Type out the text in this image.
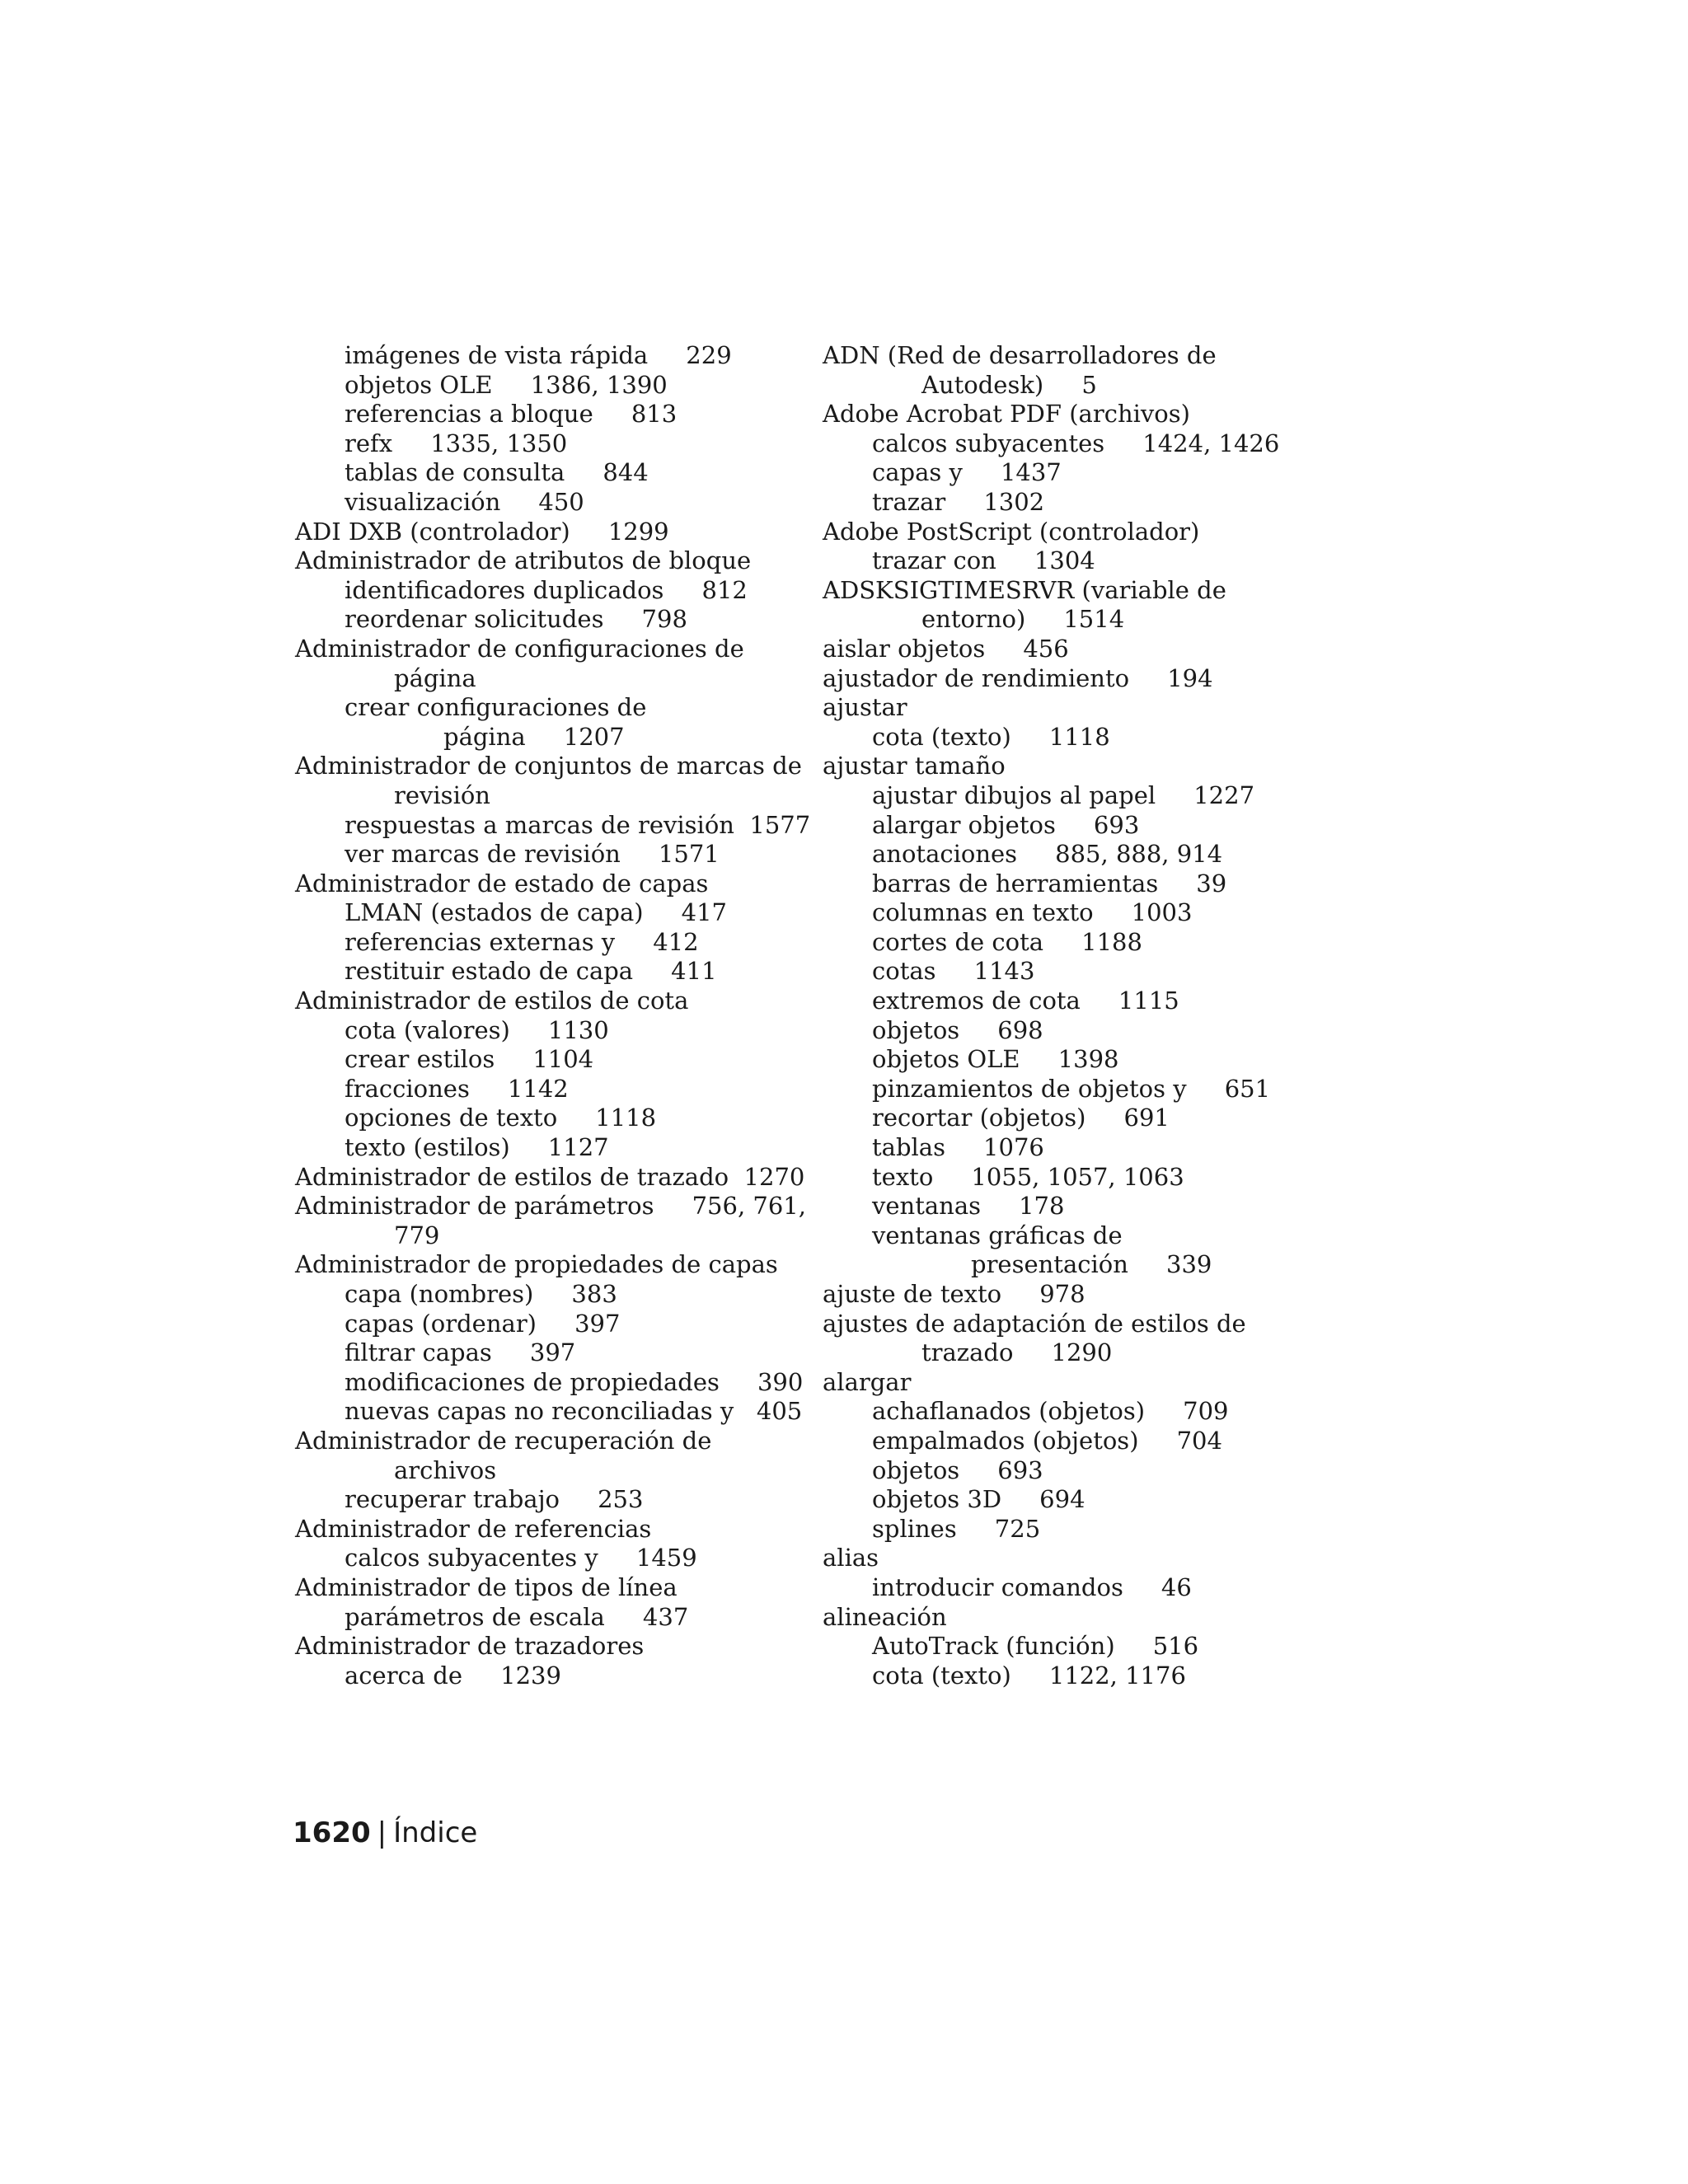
imágenes de vista rápida     229
objetos OLE     1386, 1390
referencias a bloque     813
refx     1335, 1350
tablas de consulta     844
visualización     450
ADI DXB (controlador)     1299
Administrador de atributos de bloque
identificadores duplicados     812
reordenar solicitudes     798
Administrador de configuraciones de
página
crear configuraciones de
página     1207
Administrador de conjuntos de marcas de
revisión
respuestas a marcas de revisión  1577
ver marcas de revisión     1571
Administrador de estado de capas
LMAN (estados de capa)     417
referencias externas y     412
restituir estado de capa     411
Administrador de estilos de cota
cota (valores)     1130
crear estilos     1104
fracciones     1142
opciones de texto     1118
texto (estilos)     1127
Administrador de estilos de trazado  1270
Administrador de parámetros     756, 761,
779
Administrador de propiedades de capas
capa (nombres)     383
capas (ordenar)     397
filtrar capas     397
modificaciones de propiedades     390
nuevas capas no reconciliadas y   405
Administrador de recuperación de
archivos
recuperar trabajo     253
Administrador de referencias
calcos subyacentes y     1459
Administrador de tipos de línea
parámetros de escala     437
Administrador de trazadores
acerca de     1239
ADN (Red de desarrolladores de
Autodesk)     5
Adobe Acrobat PDF (archivos)
calcos subyacentes     1424, 1426
capas y     1437
trazar     1302
Adobe PostScript (controlador)
trazar con     1304
ADSKSIGTIMESRVR (variable de
entorno)     1514
aislar objetos     456
ajustador de rendimiento     194
ajustar
cota (texto)     1118
ajustar tamaño
ajustar dibujos al papel     1227
alargar objetos     693
anotaciones     885, 888, 914
barras de herramientas     39
columnas en texto     1003
cortes de cota     1188
cotas     1143
extremos de cota     1115
objetos     698
objetos OLE     1398
pinzamientos de objetos y     651
recortar (objetos)     691
tablas     1076
texto     1055, 1057, 1063
ventanas     178
ventanas gráficas de
presentación     339
ajuste de texto     978
ajustes de adaptación de estilos de
trazado     1290
alargar
achaflanados (objetos)     709
empalmados (objetos)     704
objetos     693
objetos 3D     694
splines     725
alias
introducir comandos     46
alineación
AutoTrack (función)     516
cota (texto)     1122, 1176
1620 | Índice
